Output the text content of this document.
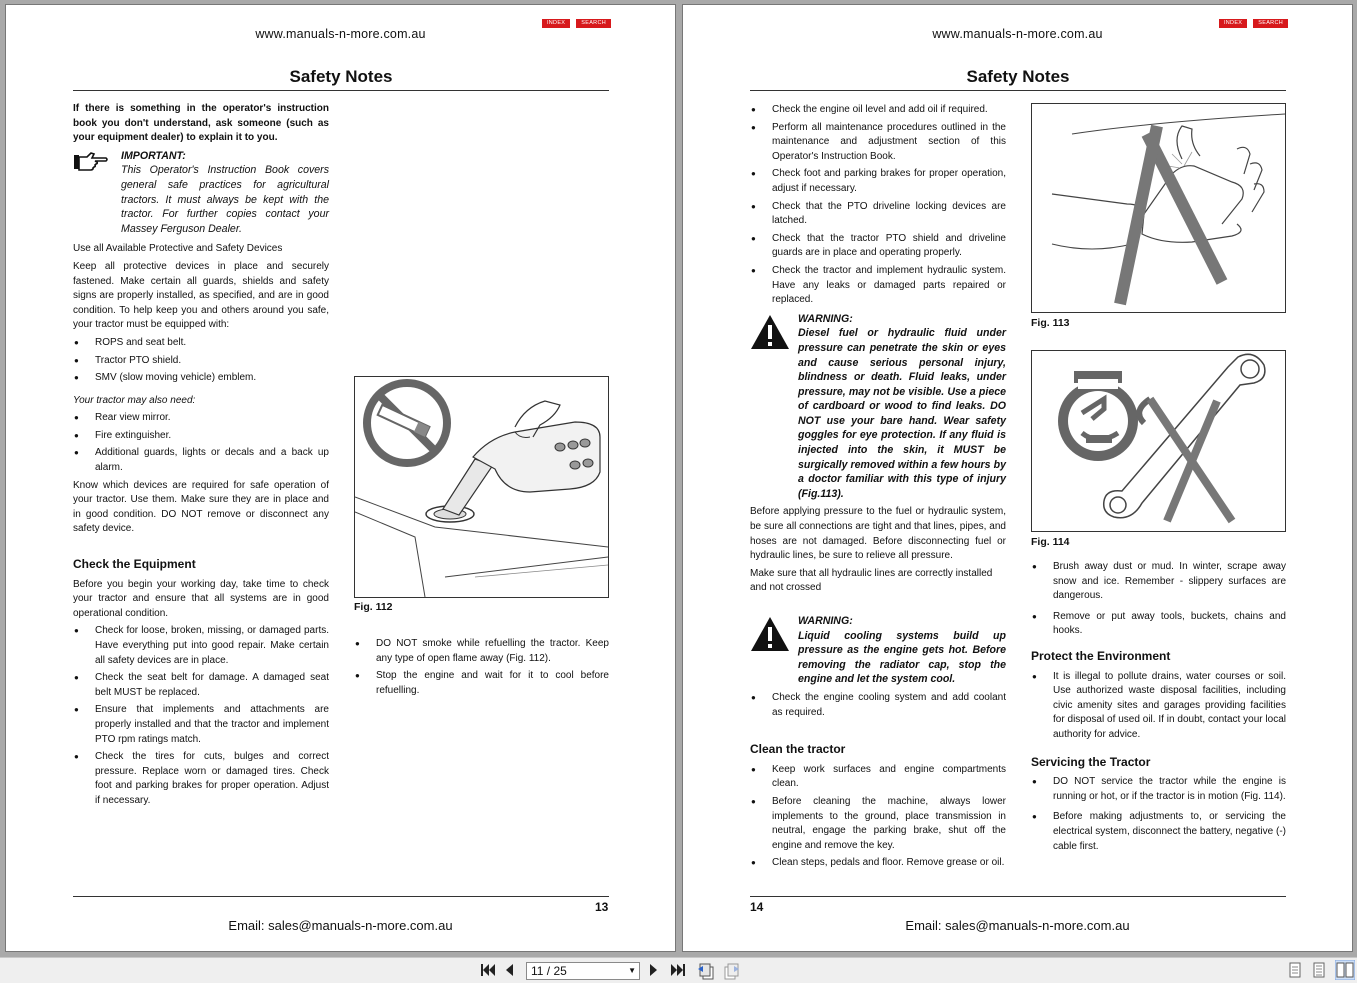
www.manuals-n-more.com.au
INDEX	SEARCH
Safety Notes

If there is something in the operator's instruction book you don't understand, ask someone (such as your equipment dealer) to explain it to you.

IMPORTANT:
This Operator's Instruction Book covers general safe practices for agricultural tractors. It must always be kept with the tractor. For further copies contact your Massey Ferguson Dealer.

Use all Available Protective and Safety Devices

Keep all protective devices in place and securely fastened. Make certain all guards, shields and safety signs are properly installed, as specified, and are in good condition. To help keep you and others around you safe, your tractor must be equipped with:

● ROPS and seat belt.
● Tractor PTO shield.
● SMV (slow moving vehicle) emblem.

Your tractor may also need:

● Rear view mirror.
● Fire extinguisher.
● Additional guards, lights or decals and a back up alarm.

Know which devices are required for safe operation of your tractor. Use them. Make sure they are in place and in good condition. DO NOT remove or disconnect any safety device.

Check the Equipment

Before you begin your working day, take time to check your tractor and ensure that all systems are in good operational condition.

● Check for loose, broken, missing, or damaged parts. Have everything put into good repair. Make certain all safety devices are in place.
● Check the seat belt for damage. A damaged seat belt MUST be replaced.
● Ensure that implements and attachments are properly installed and that the tractor and implement PTO rpm ratings match.
● Check the tires for cuts, bulges and correct pressure. Replace worn or damaged tires. Check foot and parking brakes for proper operation. Adjust if necessary.
Fig. 112
● DO NOT smoke while refuelling the tractor. Keep any type of open flame away (Fig. 112).
● Stop the engine and wait for it to cool before refuelling.
13
Email: sales@manuals-n-more.com.au
www.manuals-n-more.com.au
INDEX	SEARCH
Safety Notes
● Check the engine oil level and add oil if required.
● Perform all maintenance procedures outlined in the maintenance and adjustment section of this Operator's Instruction Book.
● Check foot and parking brakes for proper operation, adjust if necessary.
● Check that the PTO driveline locking devices are latched.
● Check that the tractor PTO shield and driveline guards are in place and operating properly.
● Check the tractor and implement hydraulic system. Have any leaks or damaged parts repaired or replaced.
WARNING:
Diesel fuel or hydraulic fluid under pressure can penetrate the skin or eyes and cause serious personal injury, blindness or death. Fluid leaks, under pressure, may not be visible. Use a piece of cardboard or wood to find leaks. DO NOT use your bare hand. Wear safety goggles for eye protection. If any fluid is injected into the skin, it MUST be surgically removed within a few hours by a doctor familiar with this type of injury (Fig.113).

Before applying pressure to the fuel or hydraulic system, be sure all connections are tight and that lines, pipes, and hoses are not damaged. Before disconnecting fuel or hydraulic lines, be sure to relieve all pressure.

Make sure that all hydraulic lines are correctly installed and not crossed

WARNING:
Liquid cooling systems build up pressure as the engine gets hot. Before removing the radiator cap, stop the engine and let the system cool.
● Check the engine cooling system and add coolant as required.
Clean the tractor
● Keep work surfaces and engine compartments clean.
● Before cleaning the machine, always lower implements to the ground, place transmission in neutral, engage the parking brake, shut off the engine and remove the key.
● Clean steps, pedals and floor. Remove grease or oil.
Fig. 113
Fig. 114
● Brush away dust or mud. In winter, scrape away snow and ice. Remember - slippery surfaces are dangerous.
● Remove or put away tools, buckets, chains and hooks.
Protect the Environment
● It is illegal to pollute drains, water courses or soil. Use authorized waste disposal facilities, including civic amenity sites and garages providing facilities for disposal of used oil. If in doubt, contact your local authority for advice.
Servicing the Tractor
● DO NOT service the tractor while the engine is running or hot, or if the tractor is in motion (Fig. 114).
● Before making adjustments to, or servicing the electrical system, disconnect the battery, negative (-) cable first.
14
Email: sales@manuals-n-more.com.au
11 / 25	▼
